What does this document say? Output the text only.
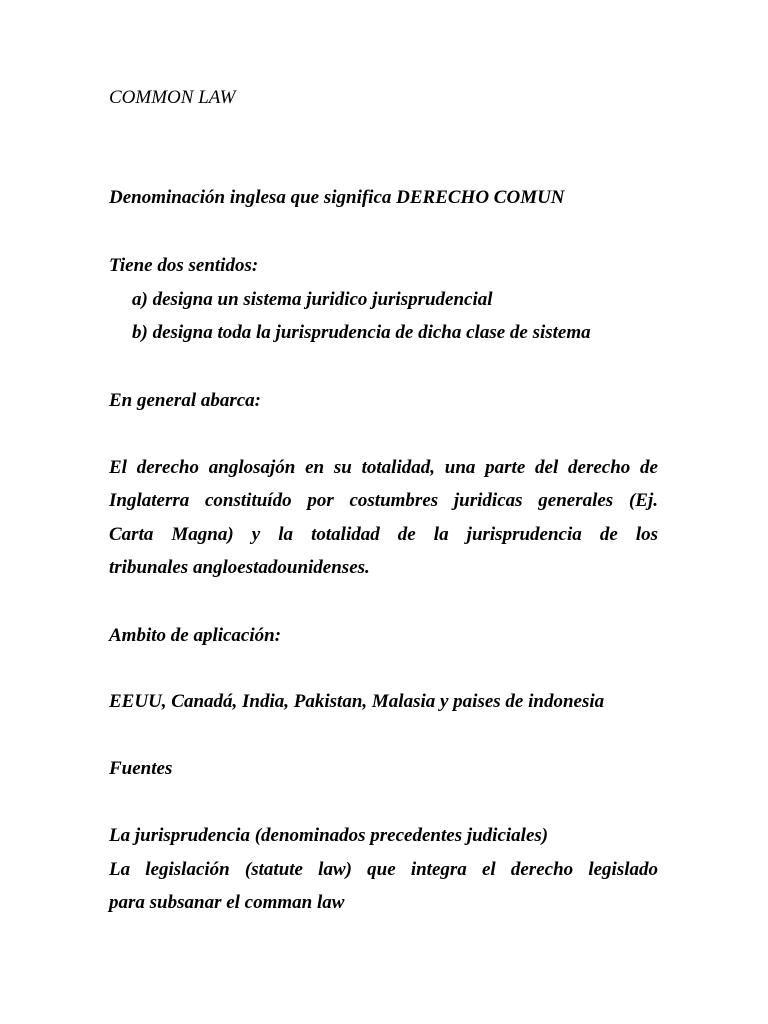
COMMON LAW
Denominación inglesa que significa DERECHO COMUN
Tiene dos sentidos:
a) designa un sistema juridico jurisprudencial
b) designa toda la jurisprudencia de dicha clase de sistema
En general abarca:
El derecho anglosajón en su totalidad, una parte del derecho de
Inglaterra constituído por costumbres juridicas generales (Ej.
Carta Magna) y la totalidad de la jurisprudencia de los
tribunales angloestadounidenses.
Ambito de aplicación:
EEUU, Canadá, India, Pakistan, Malasia y paises de indonesia
Fuentes
La jurisprudencia (denominados precedentes judiciales)
La legislación (statute law) que integra el derecho legislado
para subsanar el comman law
